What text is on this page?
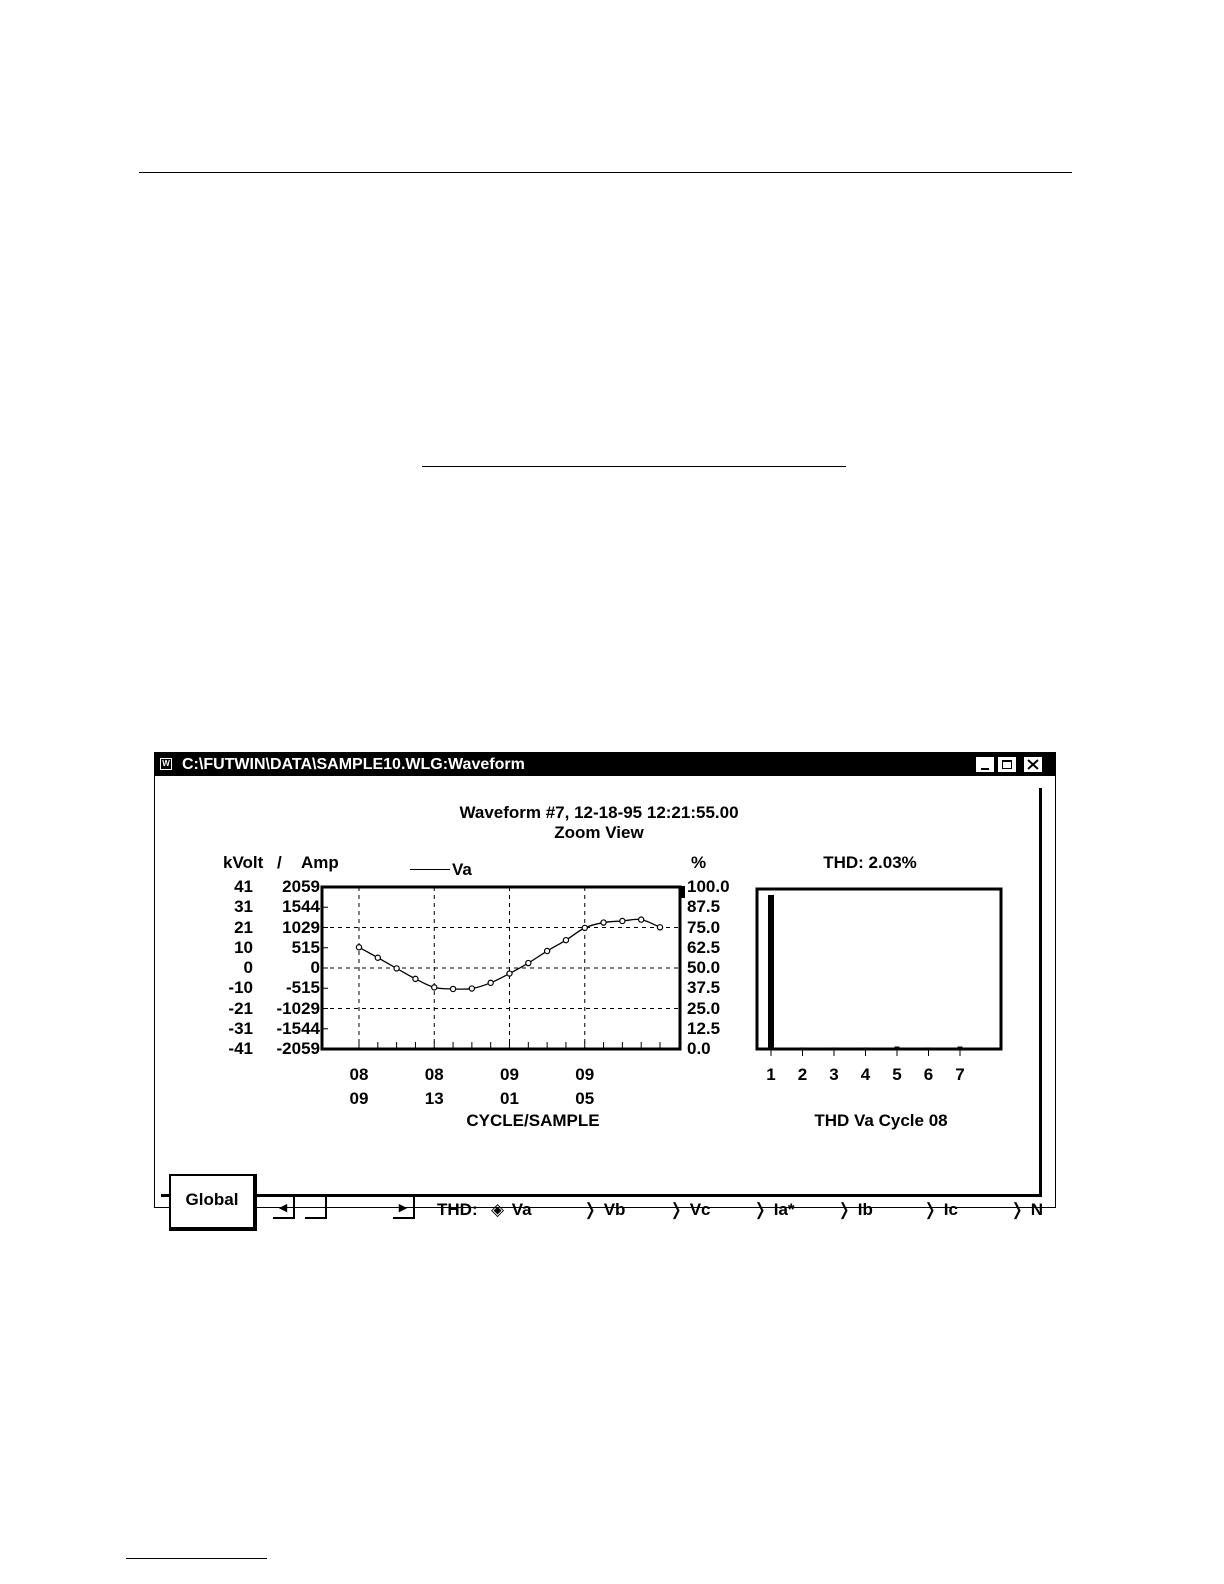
W C:\FUTWIN\DATA\SAMPLE10.WLG:Waveform
Waveform #7, 12-18-95 12:21:55.00
Zoom View
kVolt / Amp	%	THD: 2.03%
Va
41
31
21
10
0
-10
-21
-31
-41
2059
1544
1029
515
0
-515
-1029
-1544
-2059
100.0
87.5
75.0
62.5
50.0
37.5
25.0
12.5
0.0
08
09
08
13
09
01
09
05
1	2	3	4	5	6	7
CYCLE/SAMPLE	THD Va Cycle 08
Global	◀	▶	THD: ◈ Va	❭ Vb	❭ Vc ❭ Ia* ❭ Ib	❭ Ic	❭ N
